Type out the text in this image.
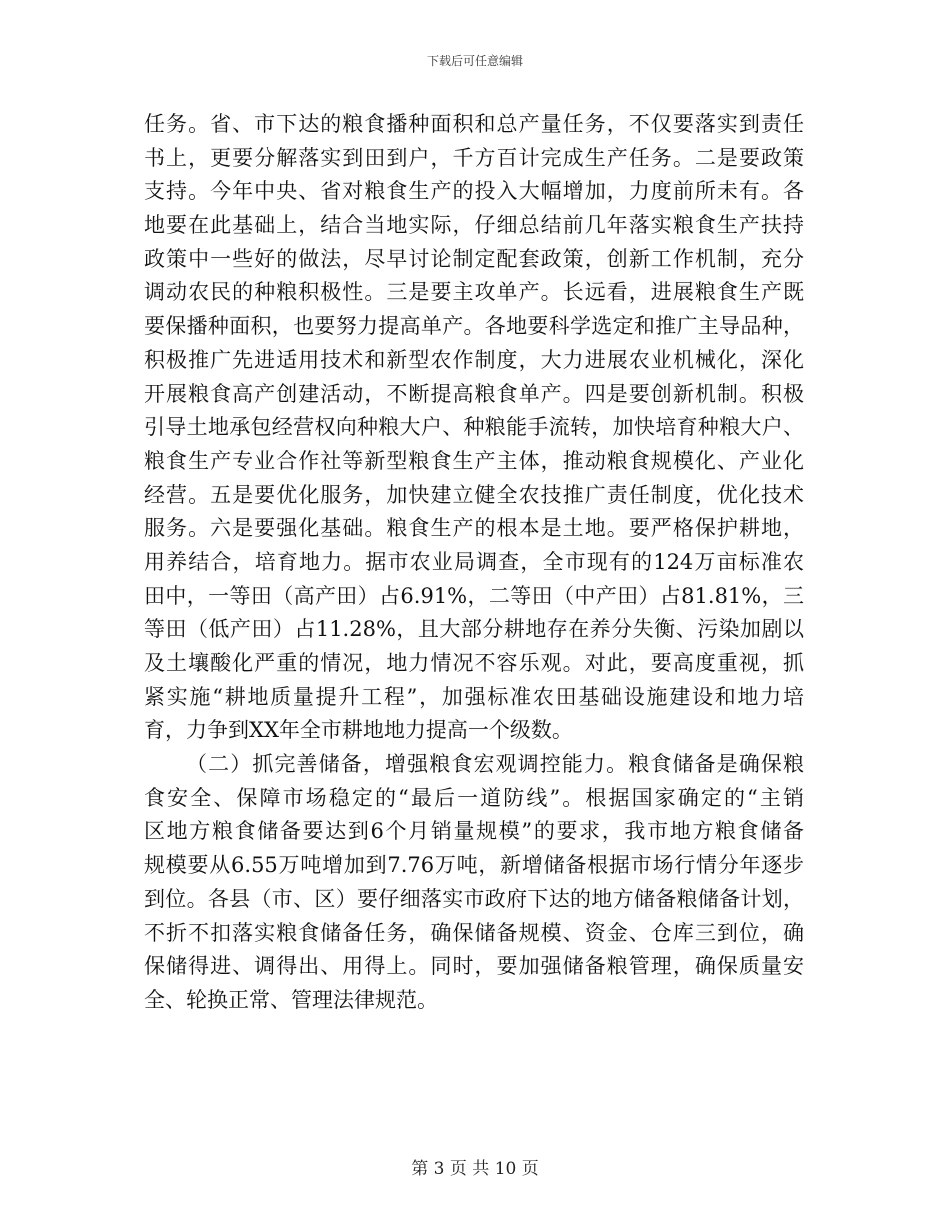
下载后可任意编辑
任务。省、市下达的粮食播种面积和总产量任务，不仅要落实到责任
书上，更要分解落实到田到户，千方百计完成生产任务。二是要政策
支持。今年中央、省对粮食生产的投入大幅增加，力度前所未有。各
地要在此基础上，结合当地实际，仔细总结前几年落实粮食生产扶持
政策中一些好的做法，尽早讨论制定配套政策，创新工作机制，充分
调动农民的种粮积极性。三是要主攻单产。长远看，进展粮食生产既
要保播种面积，也要努力提高单产。各地要科学选定和推广主导品种，
积极推广先进适用技术和新型农作制度，大力进展农业机械化，深化
开展粮食高产创建活动，不断提高粮食单产。四是要创新机制。积极
引导土地承包经营权向种粮大户、种粮能手流转，加快培育种粮大户、
粮食生产专业合作社等新型粮食生产主体，推动粮食规模化、产业化
经营。五是要优化服务，加快建立健全农技推广责任制度，优化技术
服务。六是要强化基础。粮食生产的根本是土地。要严格保护耕地，
用养结合，培育地力。据市农业局调查，全市现有的124万亩标准农
田中，一等田（高产田）占6.91%，二等田（中产田）占81.81%，三
等田（低产田）占11.28%，且大部分耕地存在养分失衡、污染加剧以
及土壤酸化严重的情况，地力情况不容乐观。对此，要高度重视，抓
紧实施“耕地质量提升工程”，加强标准农田基础设施建设和地力培
育，力争到XX年全市耕地地力提高一个级数。
（二）抓完善储备，增强粮食宏观调控能力。粮食储备是确保粮
食安全、保障市场稳定的“最后一道防线”。根据国家确定的“主销
区地方粮食储备要达到6个月销量规模”的要求，我市地方粮食储备
规模要从6.55万吨增加到7.76万吨，新增储备根据市场行情分年逐步
到位。各县（市、区）要仔细落实市政府下达的地方储备粮储备计划，
不折不扣落实粮食储备任务，确保储备规模、资金、仓库三到位，确
保储得进、调得出、用得上。同时，要加强储备粮管理，确保质量安
全、轮换正常、管理法律规范。
第 3 页 共 10 页
